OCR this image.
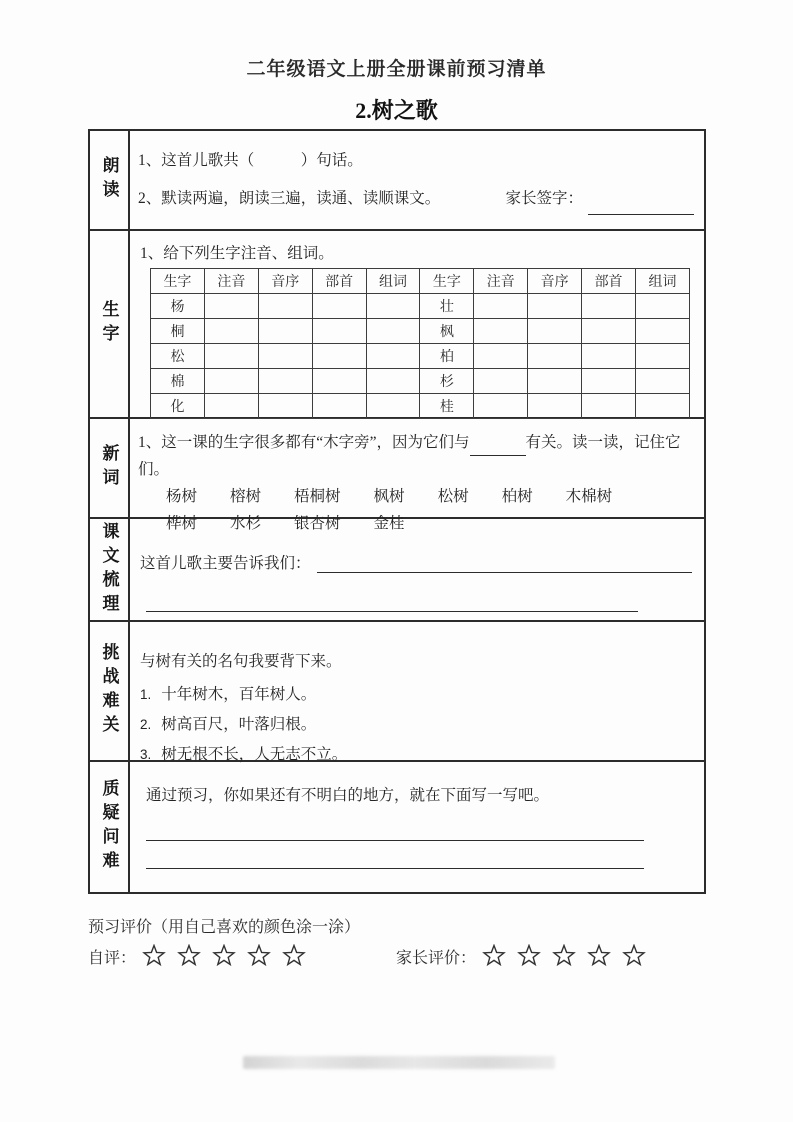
二年级语文上册全册课前预习清单
2.树之歌
朗读 1、这首儿歌共（　　　）句话。
2、默读两遍，朗读三遍，读通、读顺课文。	家长签字：
生字
1、给下列生字注音、组词。
生字	注音	音序	部首	组词	生字	注音	音序	部首	组词
杨					壮				
桐					枫				
松					柏				
棉					杉				
化					桂				
新词
1、这一课的生字很多都有“木字旁”，因为它们与	有关。读一读，记住它们。
杨树 榕树 梧桐树 枫树 松树 柏树 木棉树
桦树 水杉 银杏树 金桂
课文梳理 这首儿歌主要告诉我们：
挑战难关 与树有关的名句我要背下来。
1. 十年树木，百年树人。
2. 树高百尺，叶落归根。
3. 树无根不长，人无志不立。
质疑问难 通过预习，你如果还有不明白的地方，就在下面写一写吧。
预习评价（用自己喜欢的颜色涂一涂）
自评：	家长评价：
